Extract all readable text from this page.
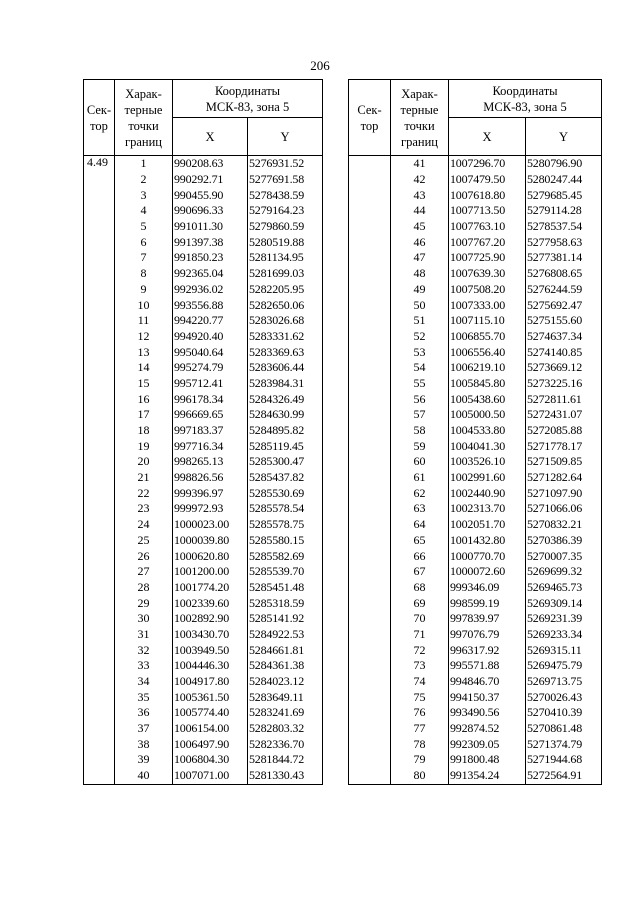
206
Сек-
тор	Харак-
терные
точки
границ	Координаты
МСК-83, зона 5	
		X	Y
4.49	1	990208.63	5276931.52
	2	990292.71	5277691.58
	3	990455.90	5278438.59
	4	990696.33	5279164.23
	5	991011.30	5279860.59
	6	991397.38	5280519.88
	7	991850.23	5281134.95
	8	992365.04	5281699.03
	9	992936.02	5282205.95
	10	993556.88	5282650.06
	11	994220.77	5283026.68
	12	994920.40	5283331.62
	13	995040.64	5283369.63
	14	995274.79	5283606.44
	15	995712.41	5283984.31
	16	996178.34	5284326.49
	17	996669.65	5284630.99
	18	997183.37	5284895.82
	19	997716.34	5285119.45
	20	998265.13	5285300.47
	21	998826.56	5285437.82
	22	999396.97	5285530.69
	23	999972.93	5285578.54
	24	1000023.00	5285578.75
	25	1000039.80	5285580.15
	26	1000620.80	5285582.69
	27	1001200.00	5285539.70
	28	1001774.20	5285451.48
	29	1002339.60	5285318.59
	30	1002892.90	5285141.92
	31	1003430.70	5284922.53
	32	1003949.50	5284661.81
	33	1004446.30	5284361.38
	34	1004917.80	5284023.12
	35	1005361.50	5283649.11
	36	1005774.40	5283241.69
	37	1006154.00	5282803.32
	38	1006497.90	5282336.70
	39	1006804.30	5281844.72
	40	1007071.00	5281330.43
Сек-
тор	Харак-
терные
точки
границ	Координаты
МСК-83, зона 5	
		X	Y
	41	1007296.70	5280796.90
	42	1007479.50	5280247.44
	43	1007618.80	5279685.45
	44	1007713.50	5279114.28
	45	1007763.10	5278537.54
	46	1007767.20	5277958.63
	47	1007725.90	5277381.14
	48	1007639.30	5276808.65
	49	1007508.20	5276244.59
	50	1007333.00	5275692.47
	51	1007115.10	5275155.60
	52	1006855.70	5274637.34
	53	1006556.40	5274140.85
	54	1006219.10	5273669.12
	55	1005845.80	5273225.16
	56	1005438.60	5272811.61
	57	1005000.50	5272431.07
	58	1004533.80	5272085.88
	59	1004041.30	5271778.17
	60	1003526.10	5271509.85
	61	1002991.60	5271282.64
	62	1002440.90	5271097.90
	63	1002313.70	5271066.06
	64	1002051.70	5270832.21
	65	1001432.80	5270386.39
	66	1000770.70	5270007.35
	67	1000072.60	5269699.32
	68	999346.09	5269465.73
	69	998599.19	5269309.14
	70	997839.97	5269231.39
	71	997076.79	5269233.34
	72	996317.92	5269315.11
	73	995571.88	5269475.79
	74	994846.70	5269713.75
	75	994150.37	5270026.43
	76	993490.56	5270410.39
	77	992874.52	5270861.48
	78	992309.05	5271374.79
	79	991800.48	5271944.68
	80	991354.24	5272564.91
